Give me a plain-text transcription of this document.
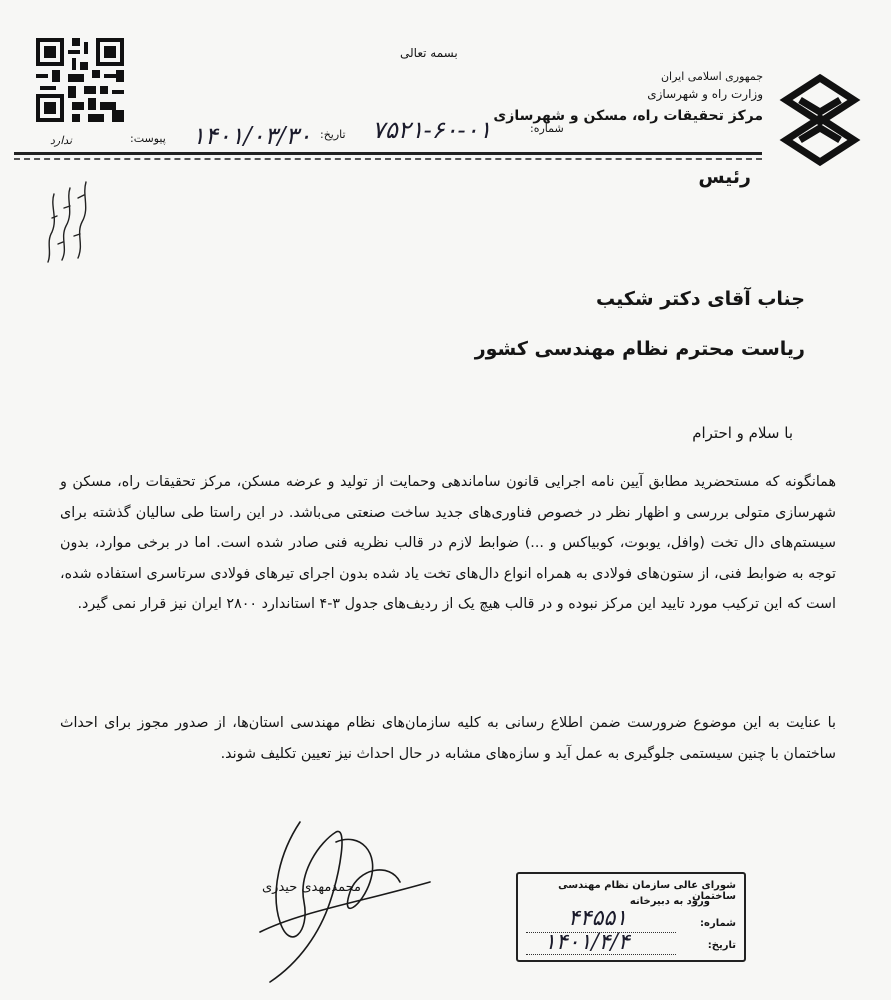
بسمه تعالی
جمهوری اسلامی ایران
وزارت راه و شهرسازی
مرکز تحقیقات راه، مسکن و شهرسازی
شماره:
۷۵۲۱-۶۰-۰۱
تاریخ:
۱۴۰۱/۰۳/۳۰
پیوست:
ندارد
رئیس
جناب آقای دکتر شکیب
ریاست محترم نظام مهندسی کشور
با سلام و احترام
همانگونه که مستحضرید مطابق آیین نامه اجرایی قانون ساماندهی وحمایت از تولید و عرضه مسکن، مرکز تحقیقات راه، مسکن و شهرسازی متولی بررسی و اظهار نظر در خصوص فناوری‌های جدید ساخت صنعتی می‌باشد. در این راستا طی سالیان گذشته برای سیستم‌های دال تخت (وافل، یوبوت، کوبیاکس و ...) ضوابط لازم در قالب نظریه فنی صادر شده است. اما در برخی موارد، بدون توجه به ضوابط فنی، از ستون‌های فولادی به همراه انواع دال‌های تخت یاد شده بدون اجرای تیرهای فولادی سرتاسری استفاده شده، است که این ترکیب مورد تایید این مرکز نبوده و در قالب هیچ یک از ردیف‌های جدول ۳-۴ استاندارد ۲۸۰۰ ایران نیز قرار نمی گیرد.
با عنایت به این موضوع ضرورست ضمن اطلاع رسانی به کلیه سازمان‌های نظام مهندسی استان‌ها، از صدور مجوز برای احداث ساختمان با چنین سیستمی جلوگیری به عمل آید و سازه‌های مشابه در حال احداث نیز تعیین تکلیف شوند.
محمدمهدی حیدری	شورای عالی سازمان نظام مهندسی ساختمان
ورود به دبیرخانه
شماره:
۴۴۵۵۱
تاریخ:
۱۴۰۱/۴/۴
